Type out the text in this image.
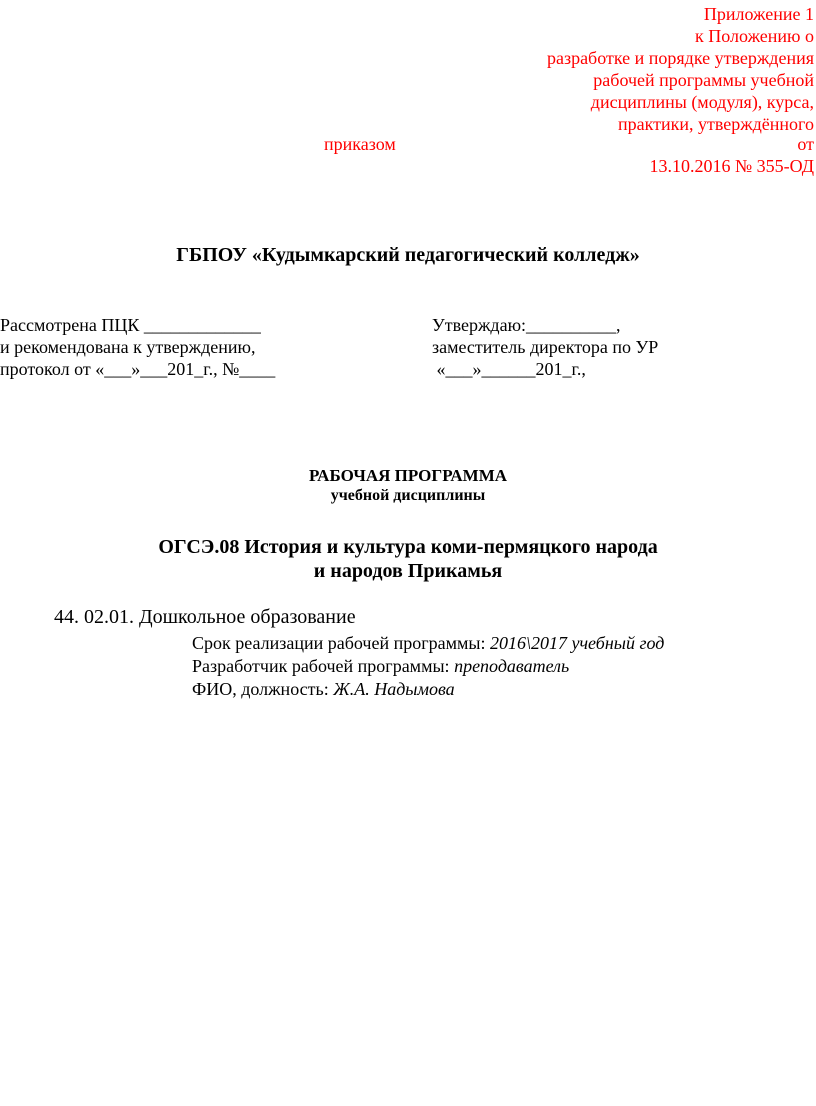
Приложение 1
к Положению о
разработке и порядке утверждения
рабочей программы учебной
дисциплины (модуля), курса,
практики, утверждённого
приказом	от
13.10.2016 № 355-ОД
ГБПОУ «Кудымкарский педагогический колледж»
Рассмотрена ПЦК _____________
и рекомендована к утверждению,
протокол от «___»___201_г., №____
Утверждаю:__________,
заместитель директора по УР
«___»______201_г.,
РАБОЧАЯ ПРОГРАММА
учебной дисциплины
ОГСЭ.08 История и культура коми-пермяцкого народа
и народов Прикамья
44. 02.01. Дошкольное образование
Срок реализации рабочей программы: 2016\2017 учебный год
Разработчик рабочей программы: преподаватель
ФИО, должность: Ж.А. Надымова
